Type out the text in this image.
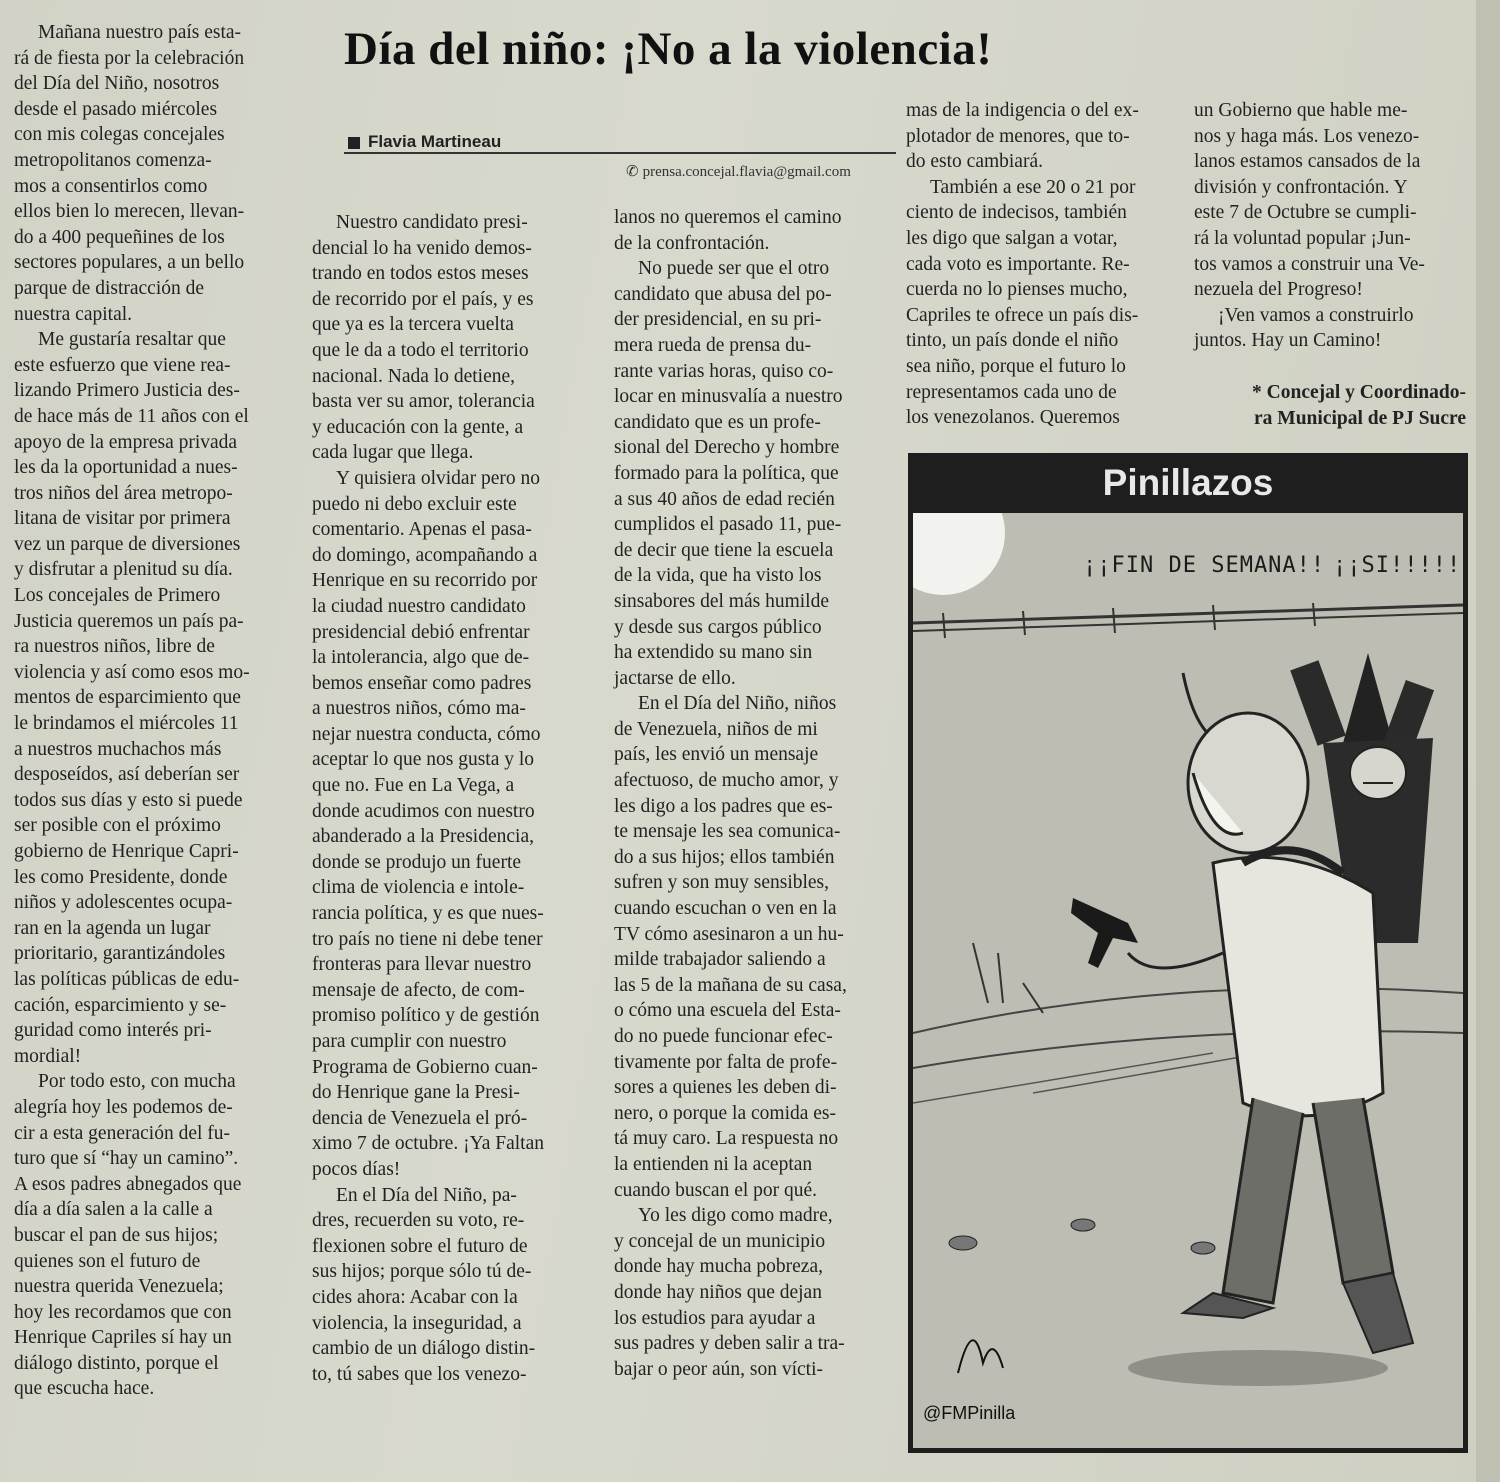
Día del niño: ¡No a la violencia!
Flavia Martineau
✆ prensa.concejal.flavia@gmail.com

Mañana nuestro país esta-
rá de fiesta por la celebración
del Día del Niño, nosotros
desde el pasado miércoles
con mis colegas concejales
metropolitanos comenza-
mos a consentirlos como
ellos bien lo merecen, llevan-
do a 400 pequeñines de los
sectores populares, a un bello
parque de distracción de
nuestra capital.

Me gustaría resaltar que
este esfuerzo que viene rea-
lizando Primero Justicia des-
de hace más de 11 años con el
apoyo de la empresa privada
les da la oportunidad a nues-
tros niños del área metropo-
litana de visitar por primera
vez un parque de diversiones
y disfrutar a plenitud su día.
Los concejales de Primero
Justicia queremos un país pa-
ra nuestros niños, libre de
violencia y así como esos mo-
mentos de esparcimiento que
le brindamos el miércoles 11
a nuestros muchachos más
desposeídos, así deberían ser
todos sus días y esto si puede
ser posible con el próximo
gobierno de Henrique Capri-
les como Presidente, donde
niños y adolescentes ocupa-
ran en la agenda un lugar
prioritario, garantizándoles
las políticas públicas de edu-
cación, esparcimiento y se-
guridad como interés pri-
mordial!

Por todo esto, con mucha
alegría hoy les podemos de-
cir a esta generación del fu-
turo que sí “hay un camino”.
A esos padres abnegados que
día a día salen a la calle a
buscar el pan de sus hijos;
quienes son el futuro de
nuestra querida Venezuela;
hoy les recordamos que con
Henrique Capriles sí hay un
diálogo distinto, porque el
que escucha hace.

Nuestro candidato presi-
dencial lo ha venido demos-
trando en todos estos meses
de recorrido por el país, y es
que ya es la tercera vuelta
que le da a todo el territorio
nacional. Nada lo detiene,
basta ver su amor, tolerancia
y educación con la gente, a
cada lugar que llega.

Y quisiera olvidar pero no
puedo ni debo excluir este
comentario. Apenas el pasa-
do domingo, acompañando a
Henrique en su recorrido por
la ciudad nuestro candidato
presidencial debió enfrentar
la intolerancia, algo que de-
bemos enseñar como padres
a nuestros niños, cómo ma-
nejar nuestra conducta, cómo
aceptar lo que nos gusta y lo
que no. Fue en La Vega, a
donde acudimos con nuestro
abanderado a la Presidencia,
donde se produjo un fuerte
clima de violencia e intole-
rancia política, y es que nues-
tro país no tiene ni debe tener
fronteras para llevar nuestro
mensaje de afecto, de com-
promiso político y de gestión
para cumplir con nuestro
Programa de Gobierno cuan-
do Henrique gane la Presi-
dencia de Venezuela el pró-
ximo 7 de octubre. ¡Ya Faltan
pocos días!

En el Día del Niño, pa-
dres, recuerden su voto, re-
flexionen sobre el futuro de
sus hijos; porque sólo tú de-
cides ahora: Acabar con la
violencia, la inseguridad, a
cambio de un diálogo distin-
to, tú sabes que los venezo-

lanos no queremos el camino
de la confrontación.

No puede ser que el otro
candidato que abusa del po-
der presidencial, en su pri-
mera rueda de prensa du-
rante varias horas, quiso co-
locar en minusvalía a nuestro
candidato que es un profe-
sional del Derecho y hombre
formado para la política, que
a sus 40 años de edad recién
cumplidos el pasado 11, pue-
de decir que tiene la escuela
de la vida, que ha visto los
sinsabores del más humilde
y desde sus cargos público
ha extendido su mano sin
jactarse de ello.

En el Día del Niño, niños
de Venezuela, niños de mi
país, les envió un mensaje
afectuoso, de mucho amor, y
les digo a los padres que es-
te mensaje les sea comunica-
do a sus hijos; ellos también
sufren y son muy sensibles,
cuando escuchan o ven en la
TV cómo asesinaron a un hu-
milde trabajador saliendo a
las 5 de la mañana de su casa,
o cómo una escuela del Esta-
do no puede funcionar efec-
tivamente por falta de profe-
sores a quienes les deben di-
nero, o porque la comida es-
tá muy caro. La respuesta no
la entienden ni la aceptan
cuando buscan el por qué.

Yo les digo como madre,
y concejal de un municipio
donde hay mucha pobreza,
donde hay niños que dejan
los estudios para ayudar a
sus padres y deben salir a tra-
bajar o peor aún, son vícti-

mas de la indigencia o del ex-
plotador de menores, que to-
do esto cambiará.

También a ese 20 o 21 por
ciento de indecisos, también
les digo que salgan a votar,
cada voto es importante. Re-
cuerda no lo pienses mucho,
Capriles te ofrece un país dis-
tinto, un país donde el niño
sea niño, porque el futuro lo
representamos cada uno de
los venezolanos. Queremos

un Gobierno que hable me-
nos y haga más. Los venezo-
lanos estamos cansados de la
división y confrontación. Y
este 7 de Octubre se cumpli-
rá la voluntad popular ¡Jun-
tos vamos a construir una Ve-
nezuela del Progreso!

¡Ven vamos a construirlo
juntos. Hay un Camino!

* Concejal y Coordinado-
ra Municipal de PJ Sucre

Pinillazos
¡¡FIN DE SEMANA!! ¡¡SI!!!!!
@FMPinilla
